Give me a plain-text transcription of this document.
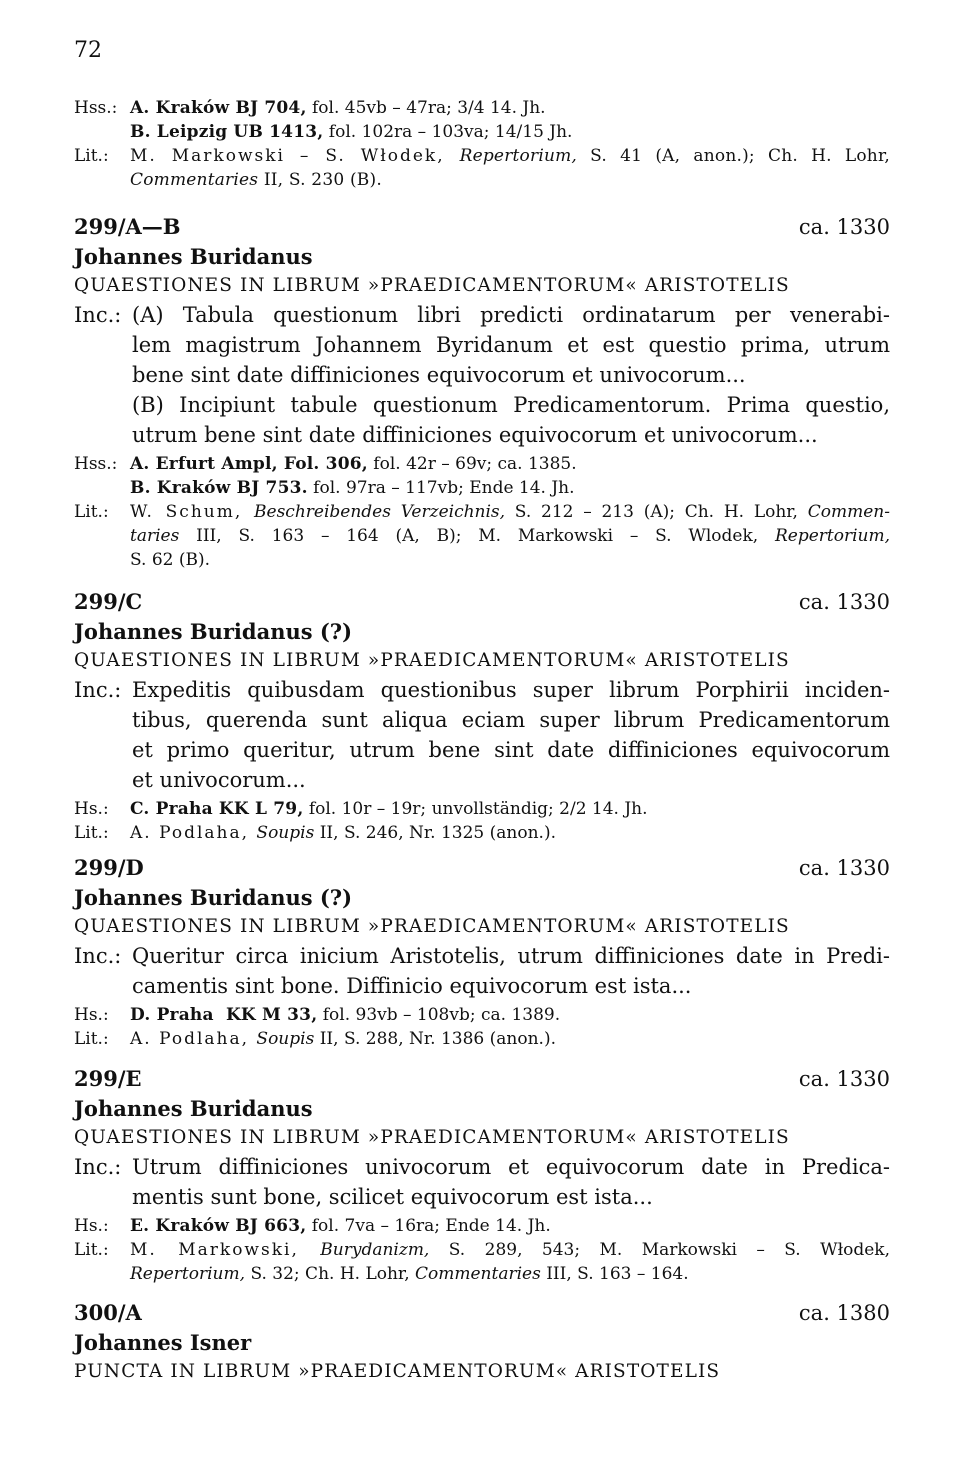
72
Hss.: A. Kraków BJ 704, fol. 45vb – 47ra; 3/4 14. Jh.
B. Leipzig UB 1413, fol. 102ra – 103va; 14/15 Jh.
Lit.:	M. Markowski – S. Włodek, Repertorium, S. 41 (A, anon.); Ch. H. Lohr,
Commentaries II, S. 230 (B).
299/A—B	ca. 1330
Johannes Buridanus
QUAESTIONES IN LIBRUM »PRAEDICAMENTORUM« ARISTOTELIS
Inc.: (A) Tabula questionum libri predicti ordinatarum per venerabi-
lem magistrum Johannem Byridanum et est questio prima, utrum
bene sint date diffiniciones equivocorum et univocorum...
(B) Incipiunt tabule questionum Predicamentorum. Prima questio,
utrum bene sint date diffiniciones equivocorum et univocorum...
Hss.: A. Erfurt Ampl, Fol. 306, fol. 42r – 69v; ca. 1385.
B. Kraków BJ 753. fol. 97ra – 117vb; Ende 14. Jh.
Lit.:	W. Schum, Beschreibendes Verzeichnis, S. 212 – 213 (A); Ch. H. Lohr, Commen-
taries III, S. 163 – 164 (A, B); M. Markowski – S. Wlodek, Repertorium,
S. 62 (B).
299/C	ca. 1330
Johannes Buridanus (?)
QUAESTIONES IN LIBRUM »PRAEDICAMENTORUM« ARISTOTELIS
Inc.: Expeditis quibusdam questionibus super librum Porphirii inciden-
tibus, querenda sunt aliqua eciam super librum Predicamentorum
et primo queritur, utrum bene sint date diffiniciones equivocorum
et univocorum...
Hs.:	C. Praha KK L 79, fol. 10r – 19r; unvollständig; 2/2 14. Jh.
Lit.:	A. Podlaha, Soupis II, S. 246, Nr. 1325 (anon.).
299/D	ca. 1330
Johannes Buridanus (?)
QUAESTIONES IN LIBRUM »PRAEDICAMENTORUM« ARISTOTELIS
Inc.: Queritur circa inicium Aristotelis, utrum diffiniciones date in Predi-
camentis sint bone. Diffinicio equivocorum est ista...
Hs.:	D. Praha  KK M 33, fol. 93vb – 108vb; ca. 1389.
Lit.:	A. Podlaha, Soupis II, S. 288, Nr. 1386 (anon.).
299/E	ca. 1330
Johannes Buridanus
QUAESTIONES IN LIBRUM »PRAEDICAMENTORUM« ARISTOTELIS
Inc.: Utrum diffiniciones univocorum et equivocorum date in Predica-
mentis sunt bone, scilicet equivocorum est ista...
Hs.:	E. Kraków BJ 663, fol. 7va – 16ra; Ende 14. Jh.
Lit.:	M. Markowski, Burydanizm, S. 289, 543; M. Markowski – S. Włodek,
Repertorium, S. 32; Ch. H. Lohr, Commentaries III, S. 163 – 164.
300/A	ca. 1380
Johannes Isner
PUNCTA IN LIBRUM »PRAEDICAMENTORUM« ARISTOTELIS
